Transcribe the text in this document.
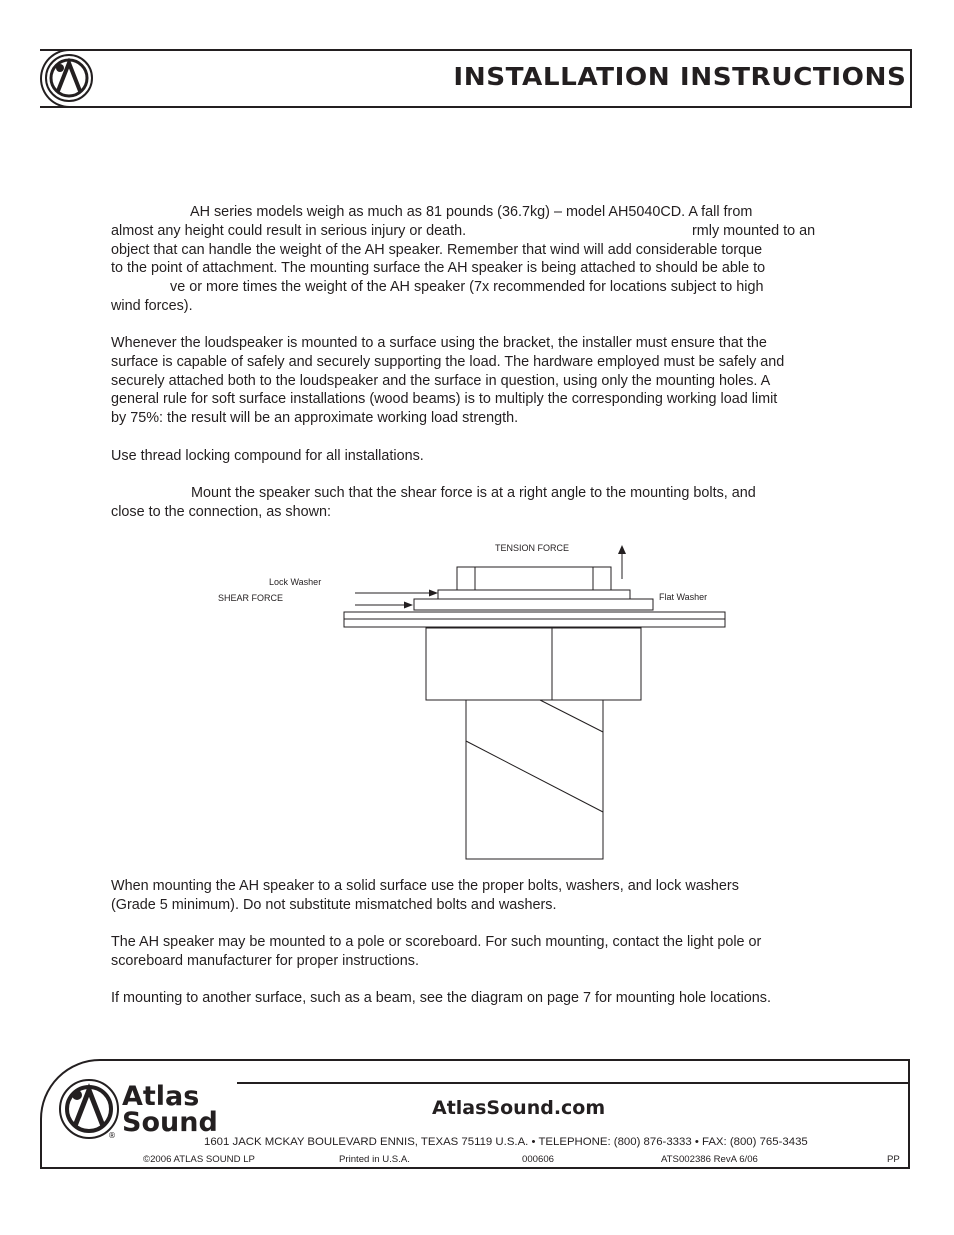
INSTALLATION INSTRUCTIONS

AH series models weigh as much as 81 pounds (36.7kg) – model AH5040CD. A fall from

almost any height could result in serious injury or death.	rmly mounted to an

object that can handle the weight of the AH speaker. Remember that wind will add considerable torque

to the point of attachment. The mounting surface the AH speaker is being attached to should be able to

ve or more times the weight of the AH speaker (7x recommended for locations subject to high

wind forces).

Whenever the loudspeaker is mounted to a surface using the bracket, the installer must ensure that the

surface is capable of safely and securely supporting the load. The hardware employed must be safely and

securely attached both to the loudspeaker and the surface in question, using only the mounting holes. A

general rule for soft surface installations (wood beams) is to multiply the corresponding working load limit

by 75%: the result will be an approximate working load strength.

Use thread locking compound for all installations.

Mount the speaker such that the shear force is at a right angle to the mounting bolts, and

close to the connection, as shown:

TENSION FORCE
Lock Washer
SHEAR FORCE	Flat Washer

When mounting the AH speaker to a solid surface use the proper bolts, washers, and lock washers

(Grade 5 minimum). Do not substitute mismatched bolts and washers.

The AH speaker may be mounted to a pole or scoreboard. For such mounting, contact the light pole or

scoreboard manufacturer for proper instructions.

If mounting to another surface, such as a beam, see the diagram on page 7 for mounting hole locations.

Atlas
Sound
®
AtlasSound.com
1601 JACK MCKAY BOULEVARD ENNIS, TEXAS 75119 U.S.A. • TELEPHONE: (800) 876-3333 • FAX: (800) 765-3435
©2006 ATLAS SOUND LP	Printed in U.S.A.	000606	ATS002386 RevA 6/06	PP
